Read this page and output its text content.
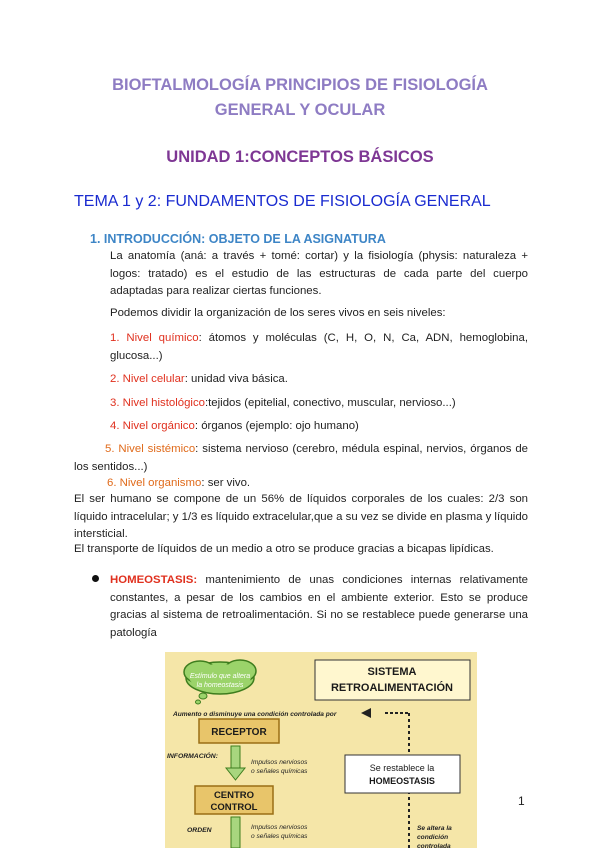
BIOFTALMOLOGÍA PRINCIPIOS DE FISIOLOGÍA
GENERAL Y OCULAR
UNIDAD 1:CONCEPTOS BÁSICOS
TEMA 1 y 2: FUNDAMENTOS DE FISIOLOGÍA GENERAL
1. INTRODUCCIÓN: OBJETO DE LA ASIGNATURA
La anatomía (aná: a través + tomé: cortar) y la fisiología (physis: naturaleza + logos: tratado) es el estudio de las estructuras de cada parte del cuerpo adaptadas para realizar ciertas funciones.
Podemos dividir la organización de los seres vivos en seis niveles:
1. Nivel químico: átomos y moléculas (C, H, O, N, Ca, ADN, hemoglobina, glucosa...)
2. Nivel celular: unidad viva básica.
3. Nivel histológico:tejidos (epitelial, conectivo, muscular, nervioso...)
4. Nivel orgánico: órganos (ejemplo: ojo humano)
5. Nivel sistémico: sistema nervioso (cerebro, médula espinal, nervios, órganos de los sentidos...)
6. Nivel organismo: ser vivo.
El ser humano se compone de un 56% de líquidos corporales de los cuales: 2/3 son líquido intracelular; y 1/3 es líquido extracelular,que a su vez se divide en plasma y líquido intersticial.
El transporte de líquidos de un medio a otro se produce gracias a bicapas lipídicas.
HOMEOSTASIS: mantenimiento de unas condiciones internas relativamente constantes, a pesar de los cambios en el ambiente exterior. Esto se produce gracias al sistema de retroalimentación. Si no se restablece puede generarse una patología
1
Estímulo que altera
la homeostasis
SISTEMA
RETROALIMENTACIÓN
Aumento o disminuye una condición controlada por
RECEPTOR
INFORMACIÓN:
Impulsos nerviosos
o señales químicas	Se restablece la
HOMEOSTASIS
CENTRO
CONTROL
ORDEN	Impulsos nerviosos
o señales químicas
Se altera la
condición
controlada
